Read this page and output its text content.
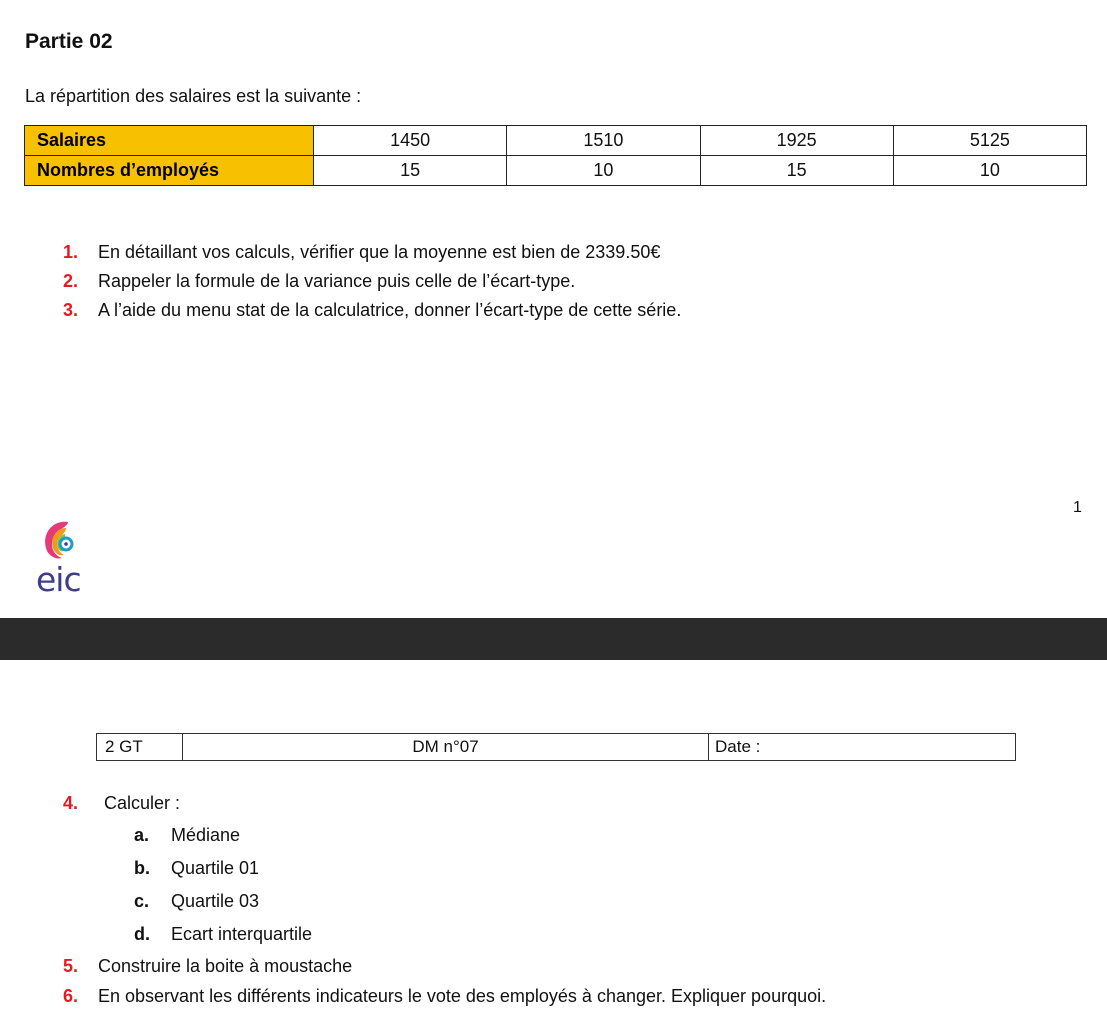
Partie 02

La répartition des salaires est la suivante :

Salaires	1450	1510	1925	5125
Nombres d’employés	15	10	15	10
1. En détaillant vos calculs, vérifier que la moyenne est bien de 2339.50€
2. Rappeler la formule de la variance puis celle de l’écart-type.
3. A l’aide du menu stat de la calculatrice, donner l’écart-type de cette série.
1
eic
2 GT	DM n°07	Date :
4. Calculer :
a. Médiane
b. Quartile 01
c. Quartile 03
d. Ecart interquartile
5. Construire la boite à moustache
6. En observant les différents indicateurs le vote des employés à changer. Expliquer pourquoi.
